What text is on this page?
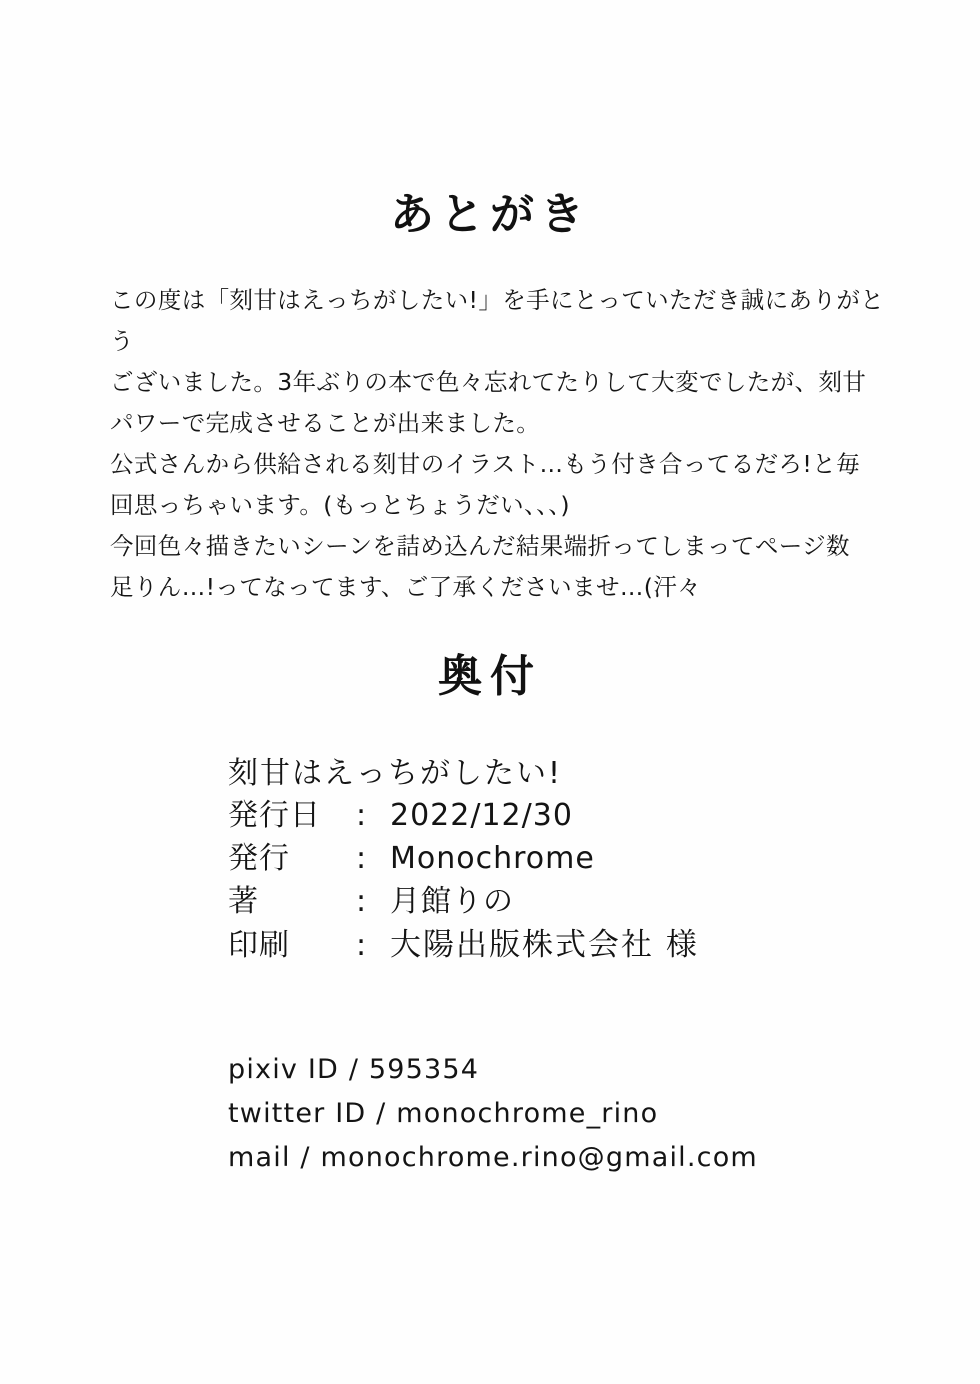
あとがき

この度は「刻甘はえっちがしたい!」を手にとっていただき誠にありがとう

ございました。3年ぶりの本で色々忘れてたりして大変でしたが、刻甘

パワーで完成させることが出来ました。

公式さんから供給される刻甘のイラスト…もう付き合ってるだろ!と毎

回思っちゃいます。(もっとちょうだい、、、)

今回色々描きたいシーンを詰め込んだ結果端折ってしまってページ数

足りん…!ってなってます、ご了承くださいませ…(汗々

奥付
刻甘はえっちがしたい!
発行日	: 2022/12/30
発行	: Monochrome
著	: 月館りの
印刷	: 大陽出版株式会社 様
pixiv ID / 595354
twitter ID / monochrome_rino
mail / monochrome.rino@gmail.com
